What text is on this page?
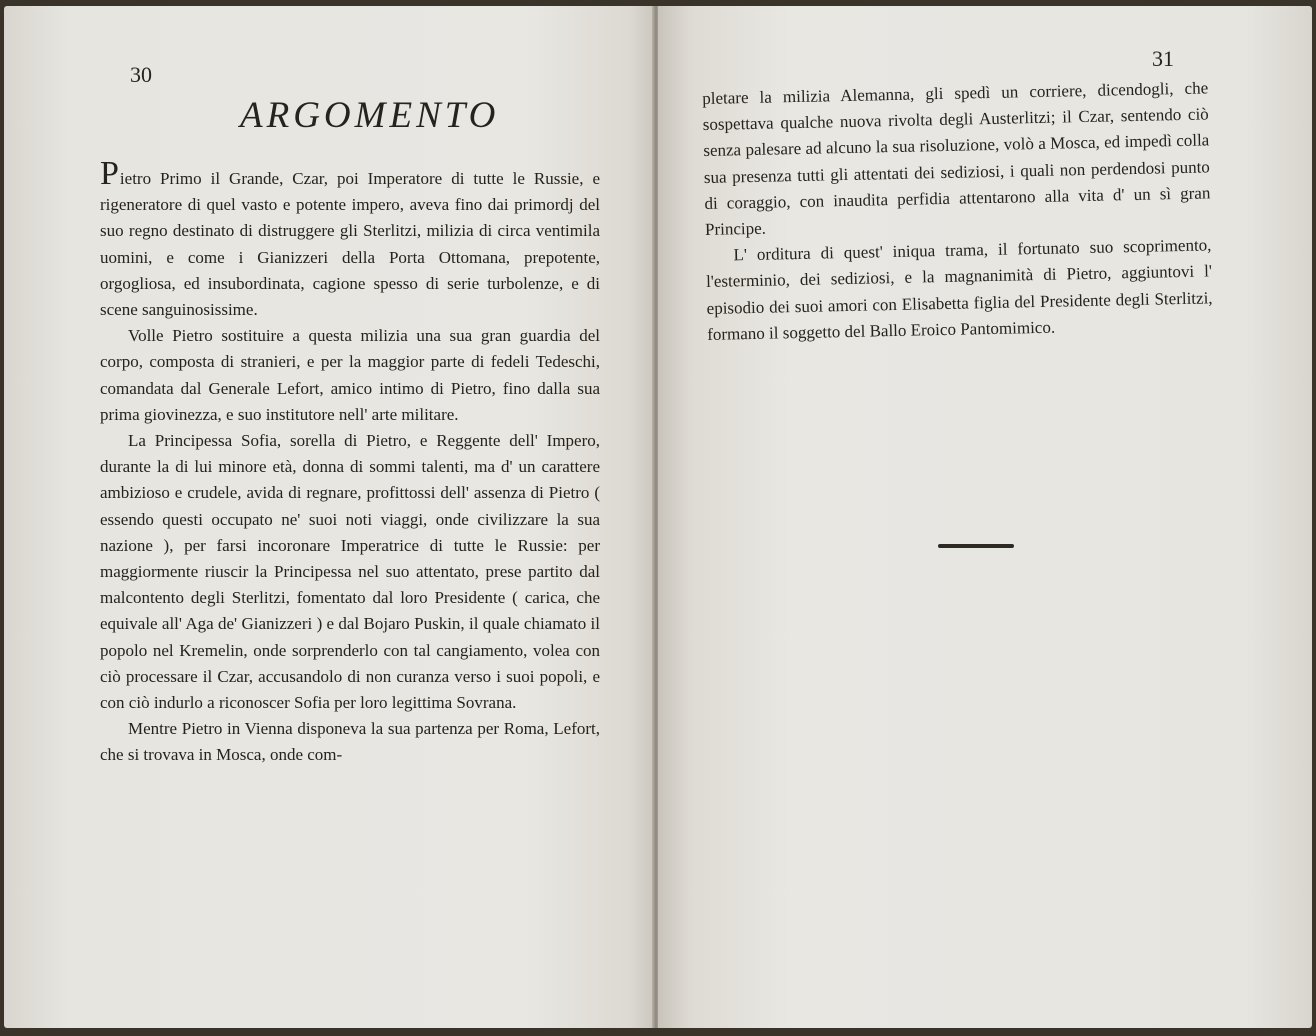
30
ARGOMENTO

Pietro Primo il Grande, Czar, poi Imperatore di tutte le Russie, e rigeneratore di quel vasto e potente impero, aveva fino dai primordj del suo regno destinato di distruggere gli Sterlitzi, milizia di circa ventimila uomini, e come i Gianizzeri della Porta Ottomana, prepotente, orgogliosa, ed insubordinata, cagione spesso di serie turbolenze, e di scene sanguinosissime.

Volle Pietro sostituire a questa milizia una sua gran guardia del corpo, composta di stranieri, e per la maggior parte di fedeli Tedeschi, comandata dal Generale Lefort, amico intimo di Pietro, fino dalla sua prima giovinezza, e suo institutore nell' arte militare.

La Principessa Sofia, sorella di Pietro, e Reggente dell' Impero, durante la di lui minore età, donna di sommi talenti, ma d' un carattere ambizioso e crudele, avida di regnare, profittossi dell' assenza di Pietro ( essendo questi occupato ne' suoi noti viaggi, onde civilizzare la sua nazione ), per farsi incoronare Imperatrice di tutte le Russie: per maggiormente riuscir la Principessa nel suo attentato, prese partito dal malcontento degli Sterlitzi, fomentato dal loro Presidente ( carica, che equivale all' Aga de' Gianizzeri ) e dal Bojaro Puskin, il quale chiamato il popolo nel Kremelin, onde sorprenderlo con tal cangiamento, volea con ciò processare il Czar, accusandolo di non curanza verso i suoi popoli, e con ciò indurlo a riconoscer Sofia per loro legittima Sovrana.

Mentre Pietro in Vienna disponeva la sua partenza per Roma, Lefort, che si trovava in Mosca, onde com-

31

pletare la milizia Alemanna, gli spedì un corriere, dicendogli, che sospettava qualche nuova rivolta degli Austerlitzi; il Czar, sentendo ciò senza palesare ad alcuno la sua risoluzione, volò a Mosca, ed impedì colla sua presenza tutti gli attentati dei sediziosi, i quali non perdendosi punto di coraggio, con inaudita perfidia attentarono alla vita d' un sì gran Principe.

L' orditura di quest' iniqua trama, il fortunato suo scoprimento, l'esterminio, dei sediziosi, e la magnanimità di Pietro, aggiuntovi l' episodio dei suoi amori con Elisabetta figlia del Presidente degli Sterlitzi, formano il soggetto del Ballo Eroico Pantomimico.
